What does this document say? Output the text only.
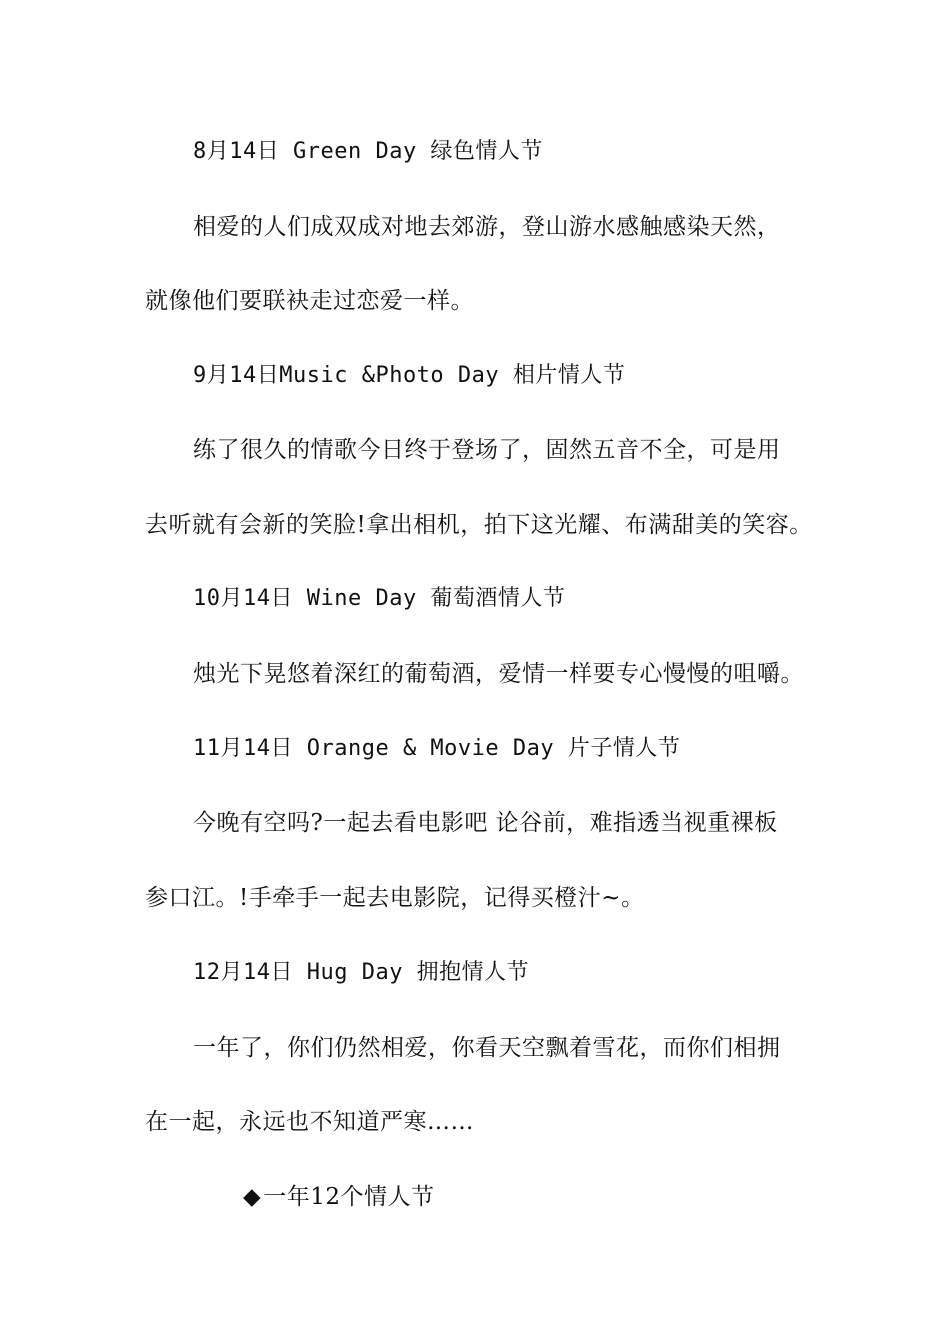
8月14日 Green Day 绿色情人节
相爱的人们成双成对地去郊游，登山游水感触感染天然，
就像他们要联袂走过恋爱一样。
9月14日Music &Photo Day 相片情人节
练了很久的情歌今日终于登场了，固然五音不全，可是用
去听就有会新的笑脸!拿出相机，拍下这光耀、布满甜美的笑容。
10月14日 Wine Day 葡萄酒情人节
烛光下晃悠着深红的葡萄酒，爱情一样要专心慢慢的咀嚼。
11月14日 Orange & Movie Day 片子情人节
今晚有空吗?一起去看电影吧 论谷前，难指透当视重裸板
参口江。!手牵手一起去电影院，记得买橙汁~。
12月14日 Hug Day 拥抱情人节
一年了，你们仍然相爱，你看天空飘着雪花，而你们相拥
在一起，永远也不知道严寒……
◆一年12个情人节
